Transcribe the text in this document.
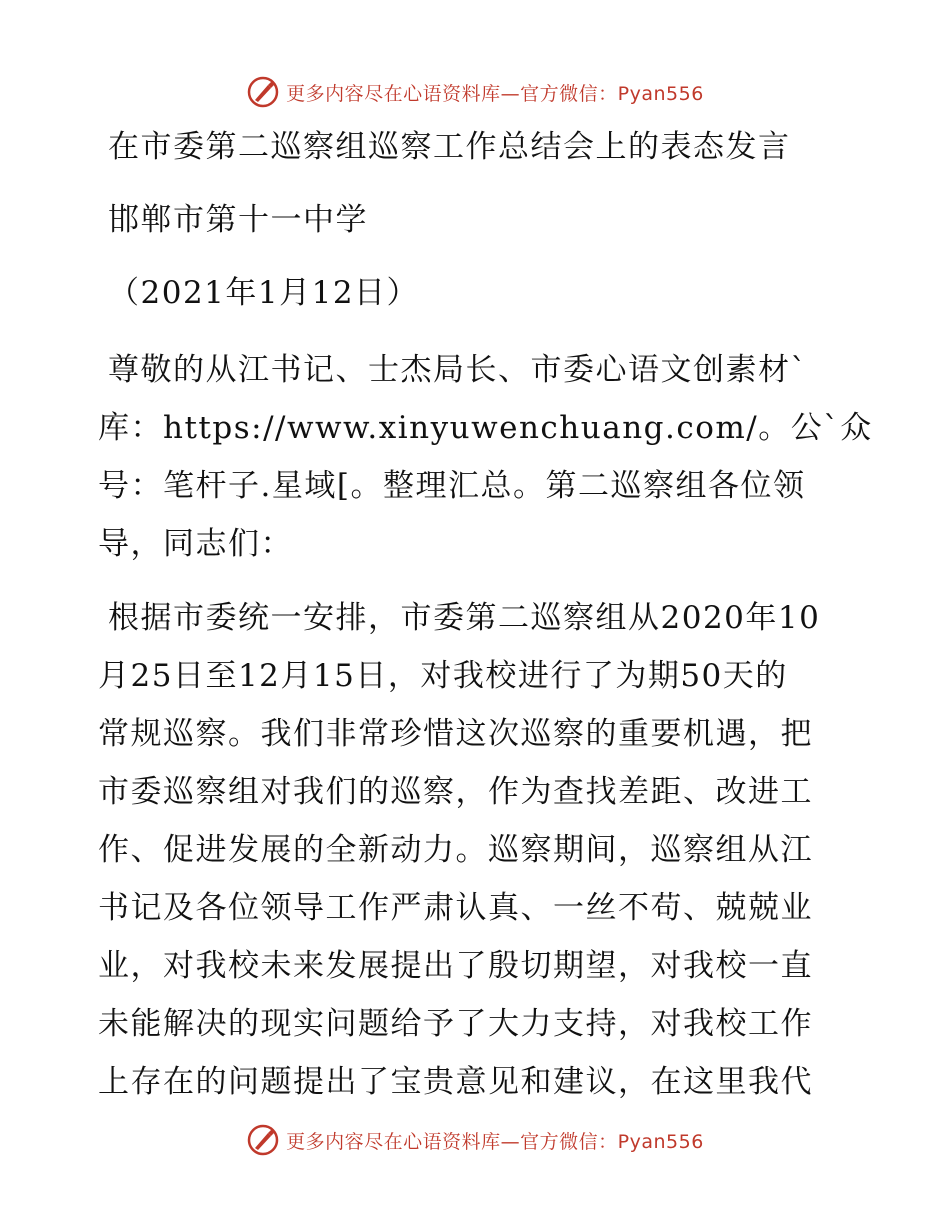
更多内容尽在心语资料库—官方微信：Pyan556
在市委第二巡察组巡察工作总结会上的表态发言
邯郸市第十一中学
（2021年1月12日）
尊敬的从江书记、士杰局长、市委心语文创素材`
库：https://www.xinyuwenchuang.com/。公`众
号：笔杆子.星域[。整理汇总。第二巡察组各位领
导，同志们：
根据市委统一安排，市委第二巡察组从2020年10
月25日至12月15日，对我校进行了为期50天的
常规巡察。我们非常珍惜这次巡察的重要机遇，把
市委巡察组对我们的巡察，作为查找差距、改进工
作、促进发展的全新动力。巡察期间，巡察组从江
书记及各位领导工作严肃认真、一丝不苟、兢兢业
业，对我校未来发展提出了殷切期望，对我校一直
未能解决的现实问题给予了大力支持，对我校工作
上存在的问题提出了宝贵意见和建议，在这里我代
更多内容尽在心语资料库—官方微信：Pyan556
